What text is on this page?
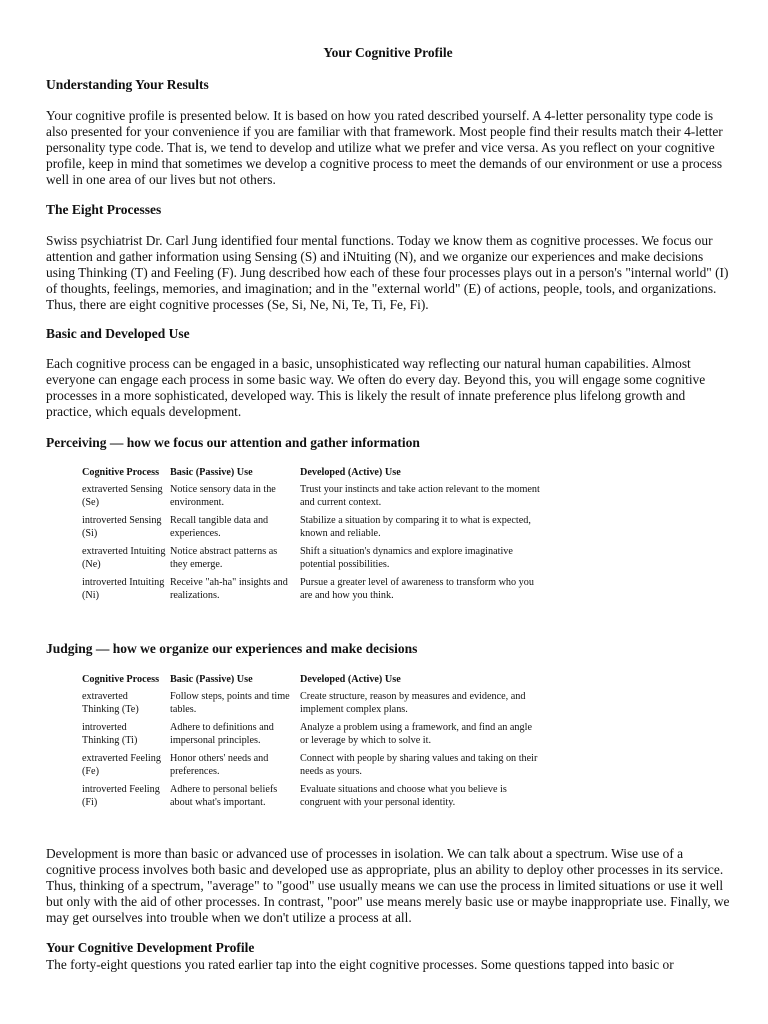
Your Cognitive Profile
Understanding Your Results

Your cognitive profile is presented below. It is based on how you rated described yourself. A 4-letter personality type code is also presented for your convenience if you are familiar with that framework. Most people find their results match their 4-letter personality type code. That is, we tend to develop and utilize what we prefer and vice versa. As you reflect on your cognitive profile, keep in mind that sometimes we develop a cognitive process to meet the demands of our environment or use a process well in one area of our lives but not others.

The Eight Processes

Swiss psychiatrist Dr. Carl Jung identified four mental functions. Today we know them as cognitive processes. We focus our attention and gather information using Sensing (S) and iNtuiting (N), and we organize our experiences and make decisions using Thinking (T) and Feeling (F). Jung described how each of these four processes plays out in a person's "internal world" (I) of thoughts, feelings, memories, and imagination; and in the "external world" (E) of actions, people, tools, and organizations. Thus, there are eight cognitive processes (Se, Si, Ne, Ni, Te, Ti, Fe, Fi).

Basic and Developed Use

Each cognitive process can be engaged in a basic, unsophisticated way reflecting our natural human capabilities. Almost everyone can engage each process in some basic way. We often do every day. Beyond this, you will engage some cognitive processes in a more sophisticated, developed way. This is likely the result of innate preference plus lifelong growth and practice, which equals development.

Perceiving — how we focus our attention and gather information
Cognitive Process	Basic (Passive) Use	Developed (Active) Use
extraverted Sensing (Se)	Notice sensory data in the environment.	Trust your instincts and take action relevant to the moment and current context.
introverted Sensing (Si)	Recall tangible data and experiences.	Stabilize a situation by comparing it to what is expected, known and reliable.
extraverted Intuiting (Ne)	Notice abstract patterns as they emerge.	Shift a situation's dynamics and explore imaginative potential possibilities.
introverted Intuiting (Ni)	Receive "ah-ha" insights and realizations.	Pursue a greater level of awareness to transform who you are and how you think.
Judging — how we organize our experiences and make decisions
Cognitive Process	Basic (Passive) Use	Developed (Active) Use
extraverted Thinking (Te)	Follow steps, points and time tables.	Create structure, reason by measures and evidence, and implement complex plans.
introverted Thinking (Ti)	Adhere to definitions and impersonal principles.	Analyze a problem using a framework, and find an angle or leverage by which to solve it.
extraverted Feeling (Fe)	Honor others' needs and preferences.	Connect with people by sharing values and taking on their needs as yours.
introverted Feeling (Fi)	Adhere to personal beliefs about what's important.	Evaluate situations and choose what you believe is congruent with your personal identity.

Development is more than basic or advanced use of processes in isolation. We can talk about a spectrum. Wise use of a cognitive process involves both basic and developed use as appropriate, plus an ability to deploy other processes in its service. Thus, thinking of a spectrum, "average" to "good" use usually means we can use the process in limited situations or use it well but only with the aid of other processes. In contrast, "poor" use means merely basic use or maybe inappropriate use. Finally, we may get ourselves into trouble when we don't utilize a process at all.

Your Cognitive Development Profile

The forty-eight questions you rated earlier tap into the eight cognitive processes. Some questions tapped into basic or
